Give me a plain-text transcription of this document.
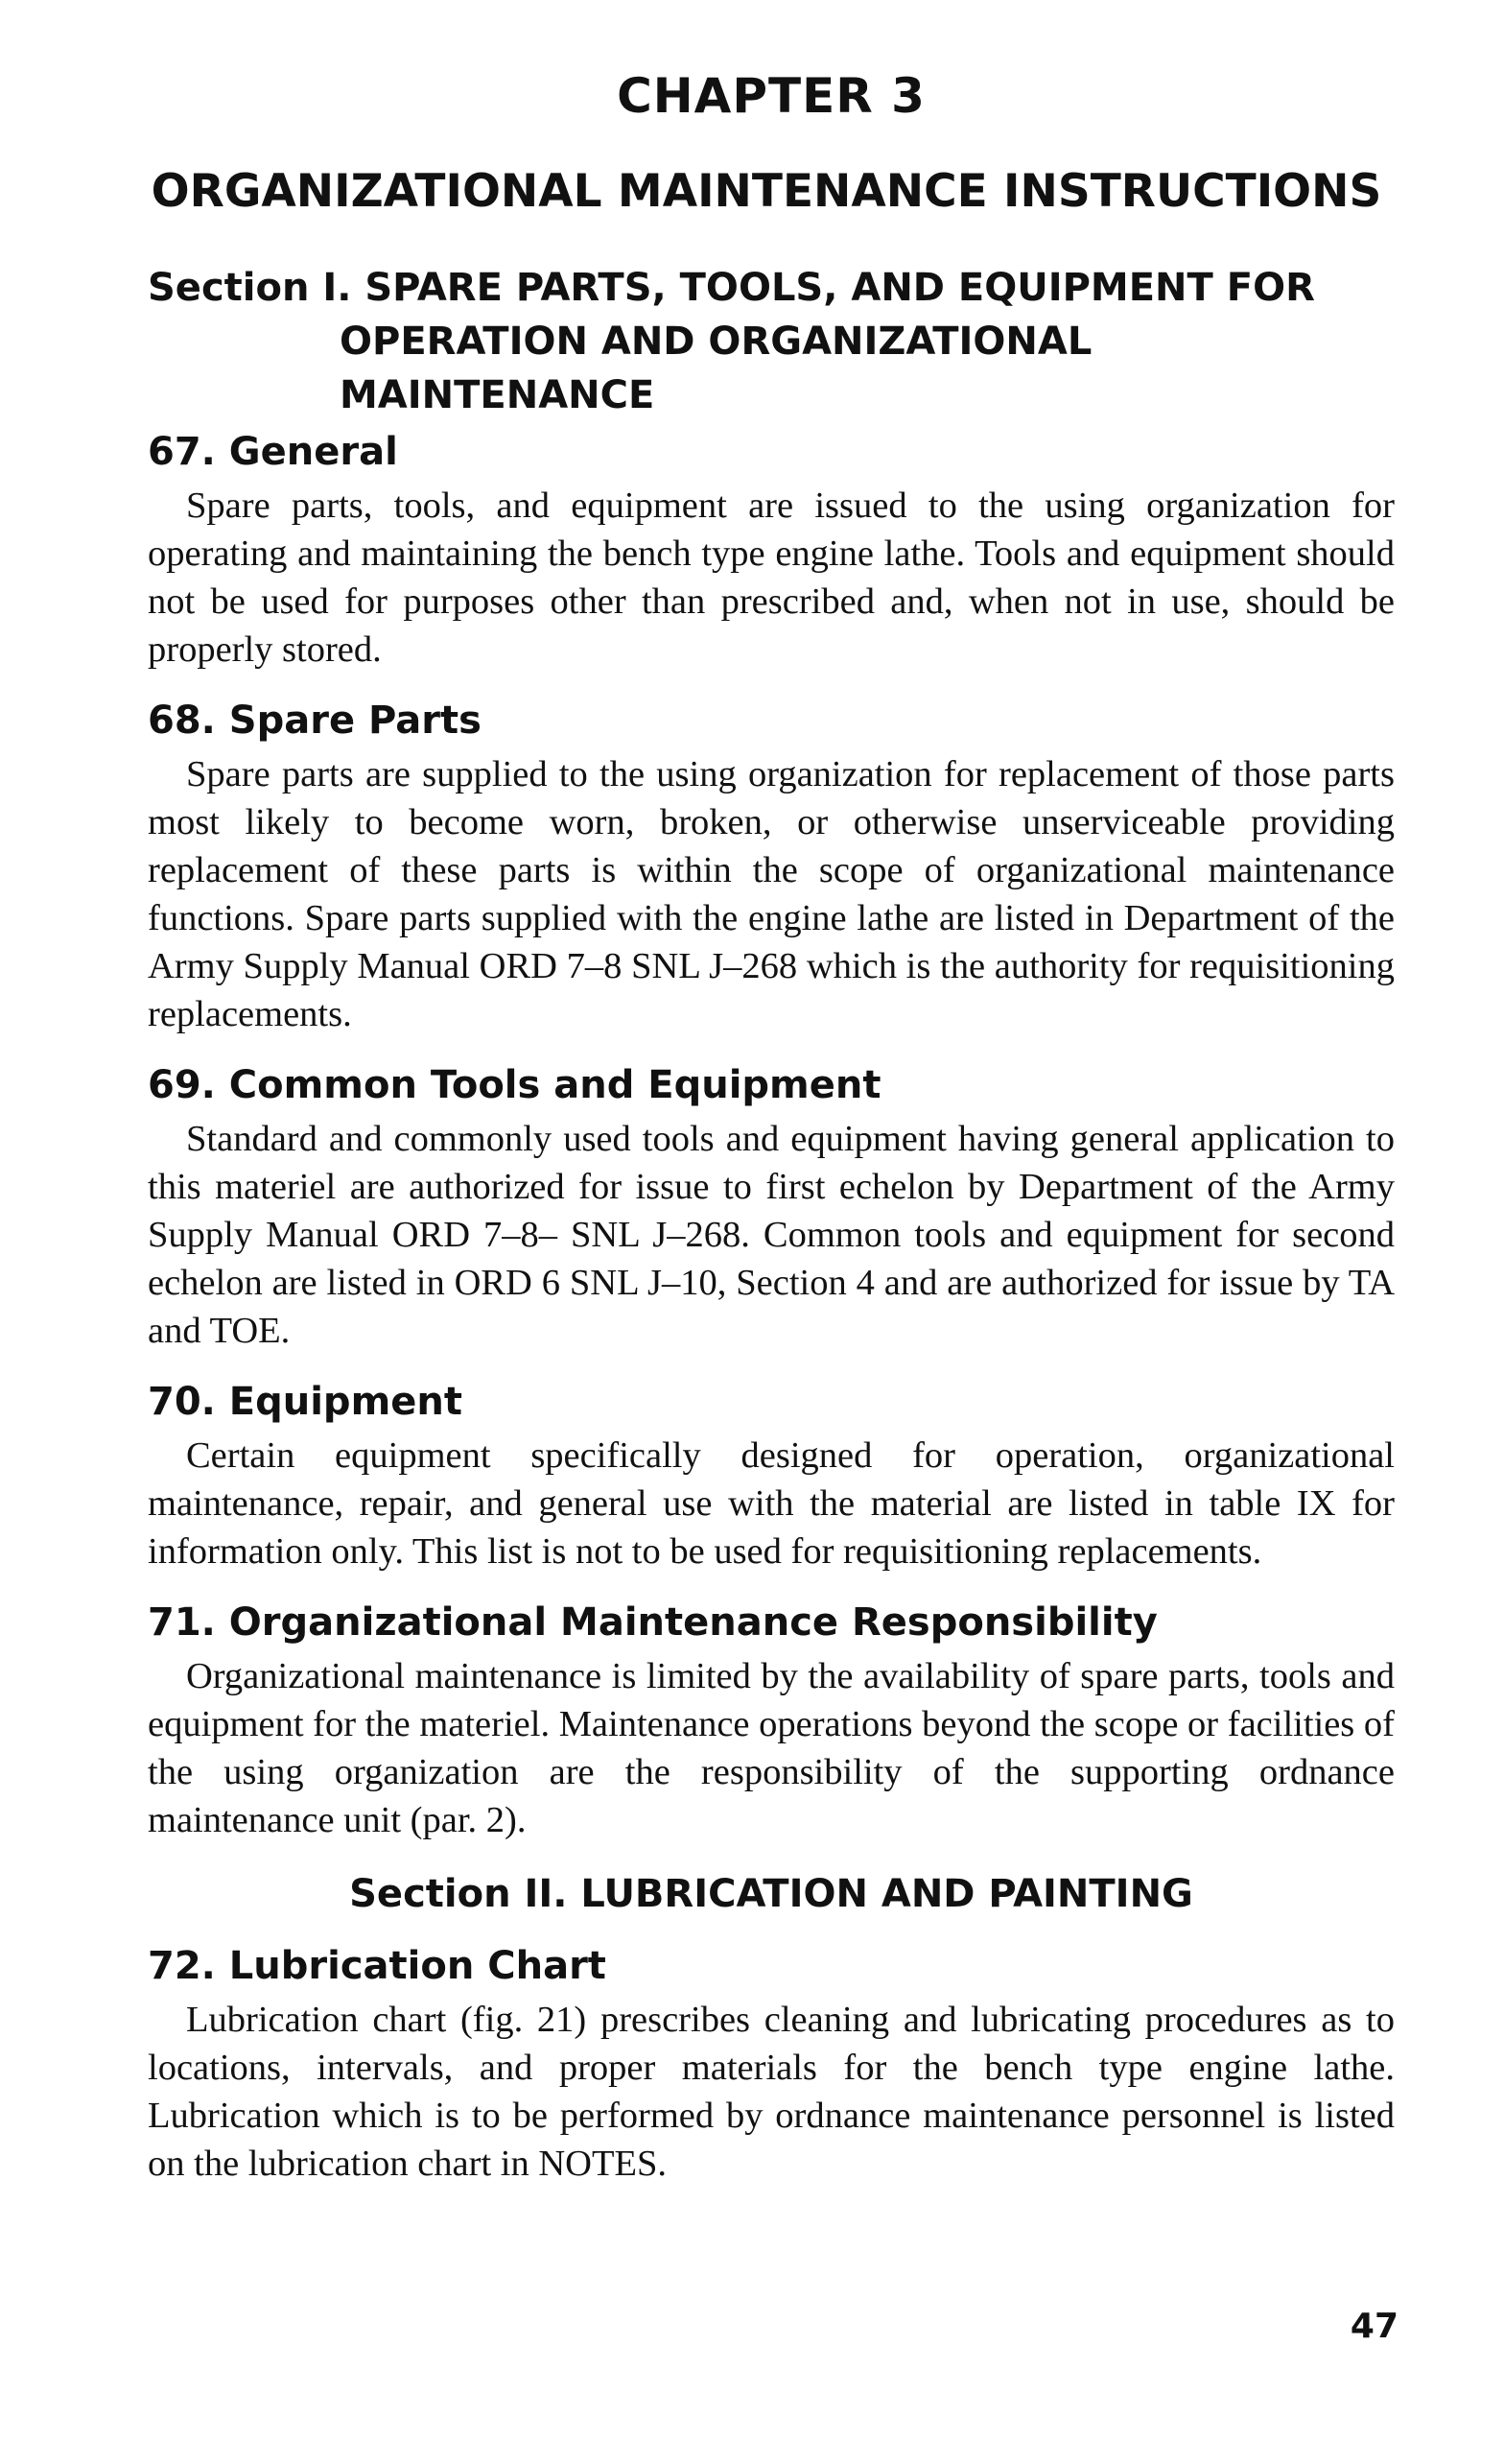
CHAPTER 3
ORGANIZATIONAL MAINTENANCE INSTRUCTIONS
Section I. SPARE PARTS, TOOLS, AND EQUIPMENT FOR OPERATION AND ORGANIZATIONAL MAINTENANCE
67. General

Spare parts, tools, and equipment are issued to the using organization for operating and maintaining the bench type engine lathe. Tools and equipment should not be used for purposes other than prescribed and, when not in use, should be properly stored.

68. Spare Parts

Spare parts are supplied to the using organization for replacement of those parts most likely to become worn, broken, or otherwise unserviceable providing replacement of these parts is within the scope of organizational maintenance functions. Spare parts supplied with the engine lathe are listed in Department of the Army Supply Manual ORD 7–8 SNL J–268 which is the authority for requisitioning replacements.

69. Common Tools and Equipment

Standard and commonly used tools and equipment having general application to this materiel are authorized for issue to first echelon by Department of the Army Supply Manual ORD 7–8– SNL J–268. Common tools and equipment for second echelon are listed in ORD 6 SNL J–10, Section 4 and are authorized for issue by TA and TOE.

70. Equipment

Certain equipment specifically designed for operation, organizational maintenance, repair, and general use with the material are listed in table IX for information only. This list is not to be used for requisitioning replacements.

71. Organizational Maintenance Responsibility

Organizational maintenance is limited by the availability of spare parts, tools and equipment for the materiel. Maintenance operations beyond the scope or facilities of the using organization are the responsibility of the supporting ordnance maintenance unit (par. 2).

Section II. LUBRICATION AND PAINTING
72. Lubrication Chart

Lubrication chart (fig. 21) prescribes cleaning and lubricating procedures as to locations, intervals, and proper materials for the bench type engine lathe. Lubrication which is to be performed by ordnance maintenance personnel is listed on the lubrication chart in NOTES.

47
